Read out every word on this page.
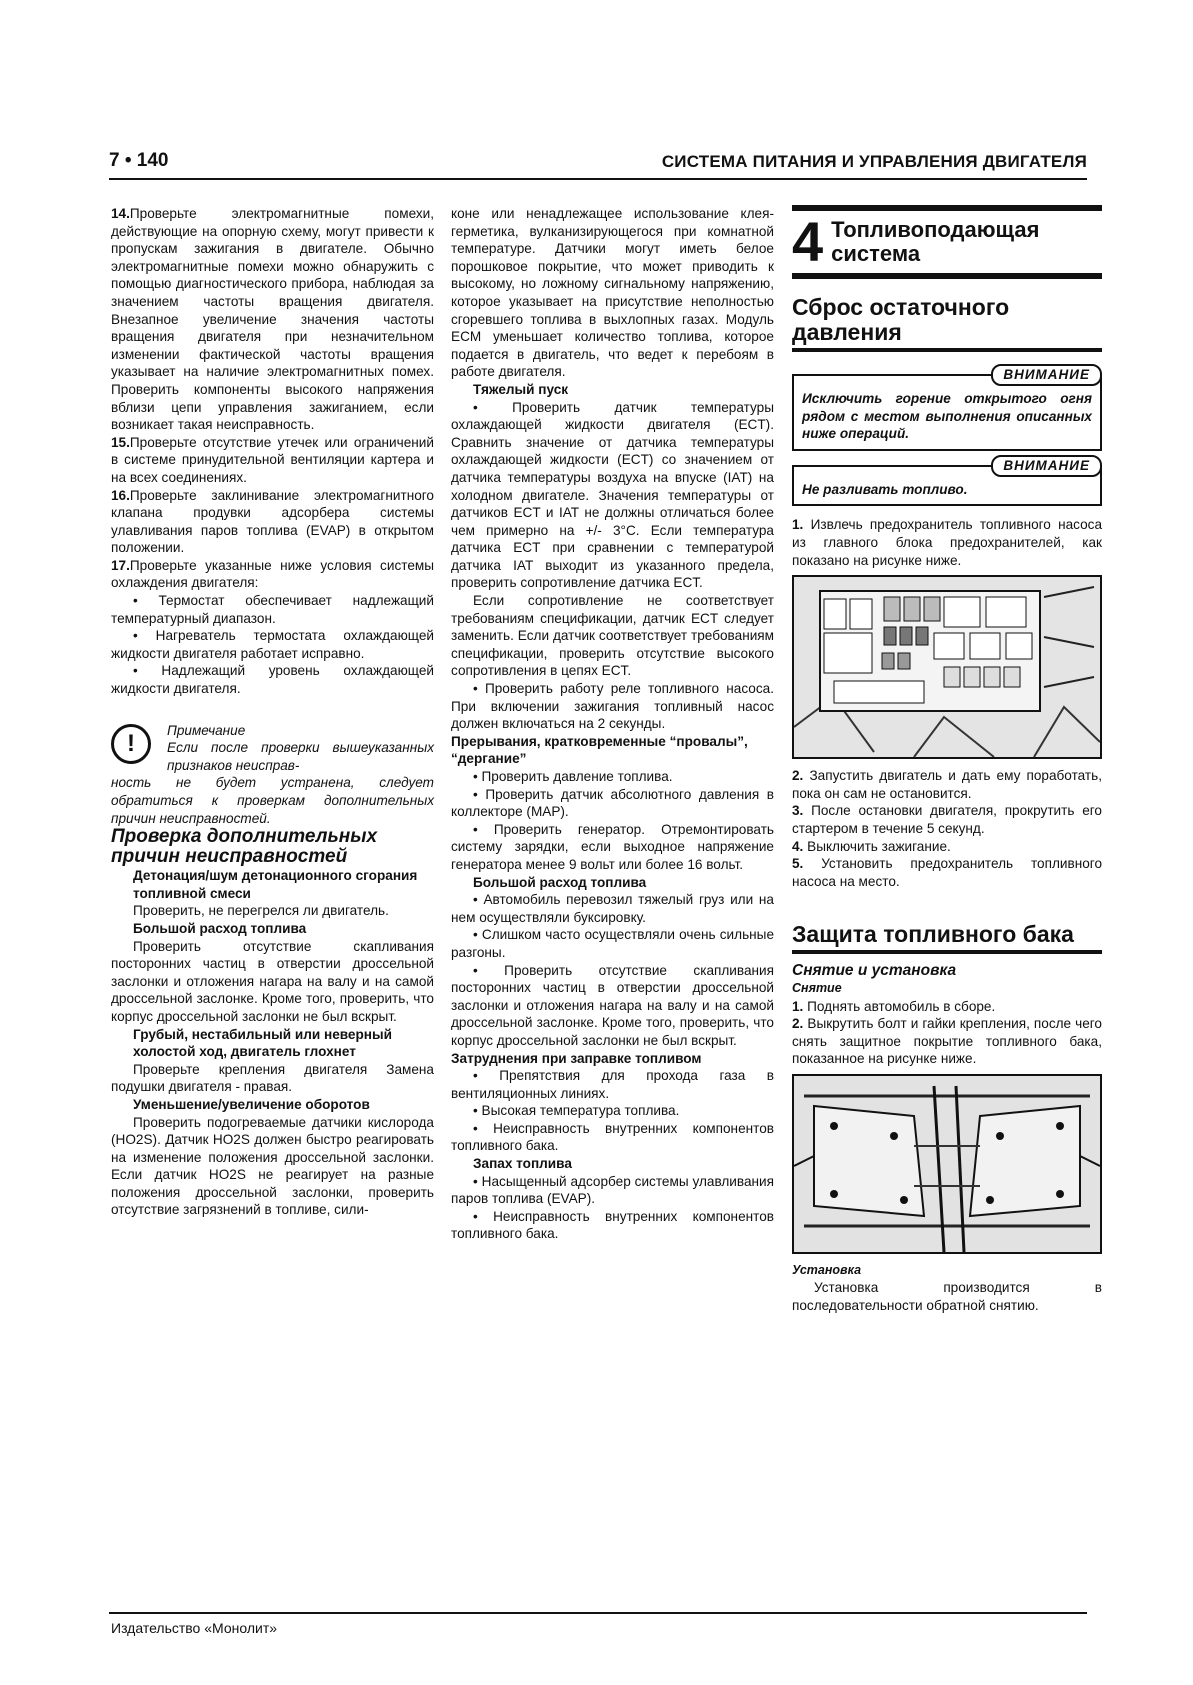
7 • 140	СИСТЕМА ПИТАНИЯ И УПРАВЛЕНИЯ ДВИГАТЕЛЯ

14.Проверьте электромагнитные помехи, действующие на опорную схему, могут привести к пропускам зажигания в двигателе. Обычно электромагнитные помехи можно обнаружить с помощью диагностического прибора, наблюдая за значением частоты вращения двигателя. Внезапное увеличение значения частоты вращения двигателя при незначительном изменении фактической частоты вращения указывает на наличие электромагнитных помех. Проверить компоненты высокого напряжения вблизи цепи управления зажиганием, если возникает такая неисправность.

15.Проверьте отсутствие утечек или ограничений в системе принудительной вентиляции картера и на всех соединениях.

16.Проверьте заклинивание электромагнитного клапана продувки адсорбера системы улавливания паров топлива (EVAP) в открытом положении.

17.Проверьте указанные ниже условия системы охлаждения двигателя:

• Термостат обеспечивает надлежащий температурный диапазон.

• Нагреватель термостата охлаждающей жидкости двигателя работает исправно.

• Надлежащий уровень охлаждающей жидкости двигателя.

!	Примечание

Если после проверки вышеуказанных признаков неисправ-
ность не будет устранена, следует обратиться к проверкам дополнительных причин неисправностей.

Проверка дополнительных причин неисправностей

Детонация/шум детонационного сгорания топливной смеси

Проверить, не перегрелся ли двигатель.

Большой расход топлива

Проверить отсутствие скапливания посторонних частиц в отверстии дроссельной заслонки и отложения нагара на валу и на самой дроссельной заслонке. Кроме того, проверить, что корпус дроссельной заслонки не был вскрыт.

Грубый, нестабильный или неверный холостой ход, двигатель глохнет

Проверьте крепления двигателя Замена подушки двигателя - правая.

Уменьшение/увеличение оборотов

Проверить подогреваемые датчики кислорода (HO2S). Датчик HO2S должен быстро реагировать на изменение положения дроссельной заслонки. Если датчик HO2S не реагирует на разные положения дроссельной заслонки, проверить отсутствие загрязнений в топливе, сили-

коне или ненадлежащее использование клея-герметика, вулканизирующегося при комнатной температуре. Датчики могут иметь белое порошковое покрытие, что может приводить к высокому, но ложному сигнальному напряжению, которое указывает на присутствие неполностью сгоревшего топлива в выхлопных газах. Модуль ECM уменьшает количество топлива, которое подается в двигатель, что ведет к перебоям в работе двигателя.

Тяжелый пуск

• Проверить датчик температуры охлаждающей жидкости двигателя (ECT). Сравнить значение от датчика температуры охлаждающей жидкости (ECT) со значением от датчика температуры воздуха на впуске (IAT) на холодном двигателе. Значения температуры от датчиков ECT и IAT не должны отличаться более чем примерно на +/- 3°C. Если температура датчика ECT при сравнении с температурой датчика IAT выходит из указанного предела, проверить сопротивление датчика ECT.

Если сопротивление не соответствует требованиям спецификации, датчик ECT следует заменить. Если датчик соответствует требованиям спецификации, проверить отсутствие высокого сопротивления в цепях ECT.

• Проверить работу реле топливного насоса. При включении зажигания топливный насос должен включаться на 2 секунды.

Прерывания, кратковременные “провалы”, “дергание”

• Проверить давление топлива.

• Проверить датчик абсолютного давления в коллекторе (MAP).

• Проверить генератор. Отремонтировать систему зарядки, если выходное напряжение генератора менее 9 вольт или более 16 вольт.

Большой расход топлива

• Автомобиль перевозил тяжелый груз или на нем осуществляли буксировку.

• Слишком часто осуществляли очень сильные разгоны.

• Проверить отсутствие скапливания посторонних частиц в отверстии дроссельной заслонки и отложения нагара на валу и на самой дроссельной заслонке. Кроме того, проверить, что корпус дроссельной заслонки не был вскрыт.

Затруднения при заправке топливом

• Препятствия для прохода газа в вентиляционных линиях.

• Высокая температура топлива.

• Неисправность внутренних компонентов топливного бака.

Запах топлива

• Насыщенный адсорбер системы улавливания паров топлива (EVAP).

• Неисправность внутренних компонентов топливного бака.

4 Топливоподающая система
Сброс остаточного давления
ВНИМАНИЕ

Исключить горение открытого огня рядом с местом выполнения описанных ниже операций.

ВНИМАНИЕ

Не разливать топливо.

1. Извлечь предохранитель топливного насоса из главного блока предохранителей, как показано на рисунке ниже.

2. Запустить двигатель и дать ему поработать, пока он сам не остановится.

3. После остановки двигателя, прокрутить его стартером в течение 5 секунд.

4. Выключить зажигание.

5. Установить предохранитель топливного насоса на место.

Защита топливного бака

Снятие и установка

Снятие

1. Поднять автомобиль в сборе.

2. Выкрутить болт и гайки крепления, после чего снять защитное покрытие топливного бака, показанное на рисунке ниже.

Установка

Установка производится в последовательности обратной снятию.

Издательство «Монолит»
